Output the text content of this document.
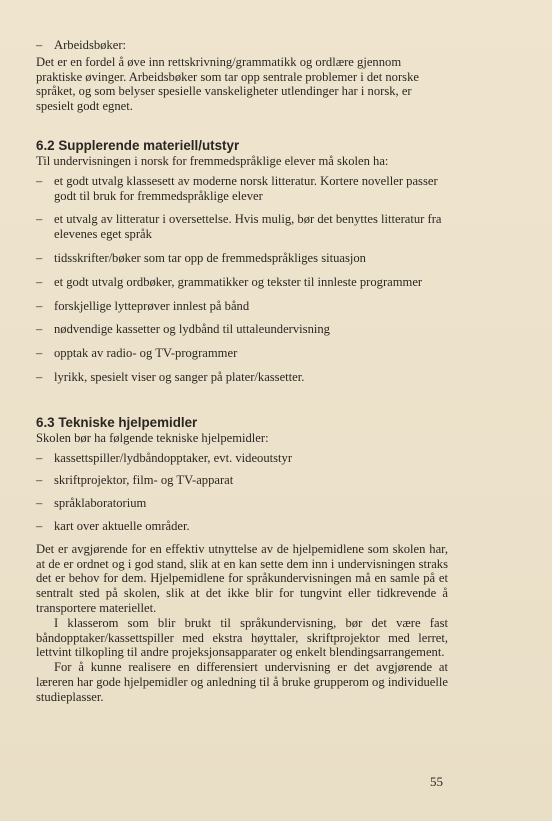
– Arbeidsbøker:

Det er en fordel å øve inn rettskrivning/grammatikk og ordlære gjennom praktiske øvinger. Arbeidsbøker som tar opp sentrale problemer i det norske språket, og som belyser spesielle vanskeligheter utlendinger har i norsk, er spesielt godt egnet.

6.2 Supplerende materiell/utstyr

Til undervisningen i norsk for fremmedspråklige elever må skolen ha:

– et godt utvalg klassesett av moderne norsk litteratur. Kortere noveller passer godt til bruk for fremmedspråklige elever
– et utvalg av litteratur i oversettelse. Hvis mulig, bør det benyttes litteratur fra elevenes eget språk
– tidsskrifter/bøker som tar opp de fremmedspråkliges situasjon
– et godt utvalg ordbøker, grammatikker og tekster til innleste programmer
– forskjellige lytteprøver innlest på bånd
– nødvendige kassetter og lydbånd til uttaleundervisning
– opptak av radio- og TV-programmer
– lyrikk, spesielt viser og sanger på plater/kassetter.
6.3 Tekniske hjelpemidler

Skolen bør ha følgende tekniske hjelpemidler:

– kassettspiller/lydbåndopptaker, evt. videoutstyr
– skriftprojektor, film- og TV-apparat
– språklaboratorium
– kart over aktuelle områder.

Det er avgjørende for en effektiv utnyttelse av de hjelpemidlene som skolen har, at de er ordnet og i god stand, slik at en kan sette dem inn i undervisningen straks det er behov for dem. Hjelpemidlene for språkundervisningen må en samle på et sentralt sted på skolen, slik at det ikke blir for tungvint eller tidkrevende å transportere materiellet.

I klasserom som blir brukt til språkundervisning, bør det være fast båndopptaker/kassettspiller med ekstra høyttaler, skriftprojektor med lerret, lettvint tilkopling til andre projeksjonsapparater og enkelt blendingsarrangement.

For å kunne realisere en differensiert undervisning er det avgjørende at læreren har gode hjelpemidler og anledning til å bruke grupperom og individuelle studieplasser.

55
